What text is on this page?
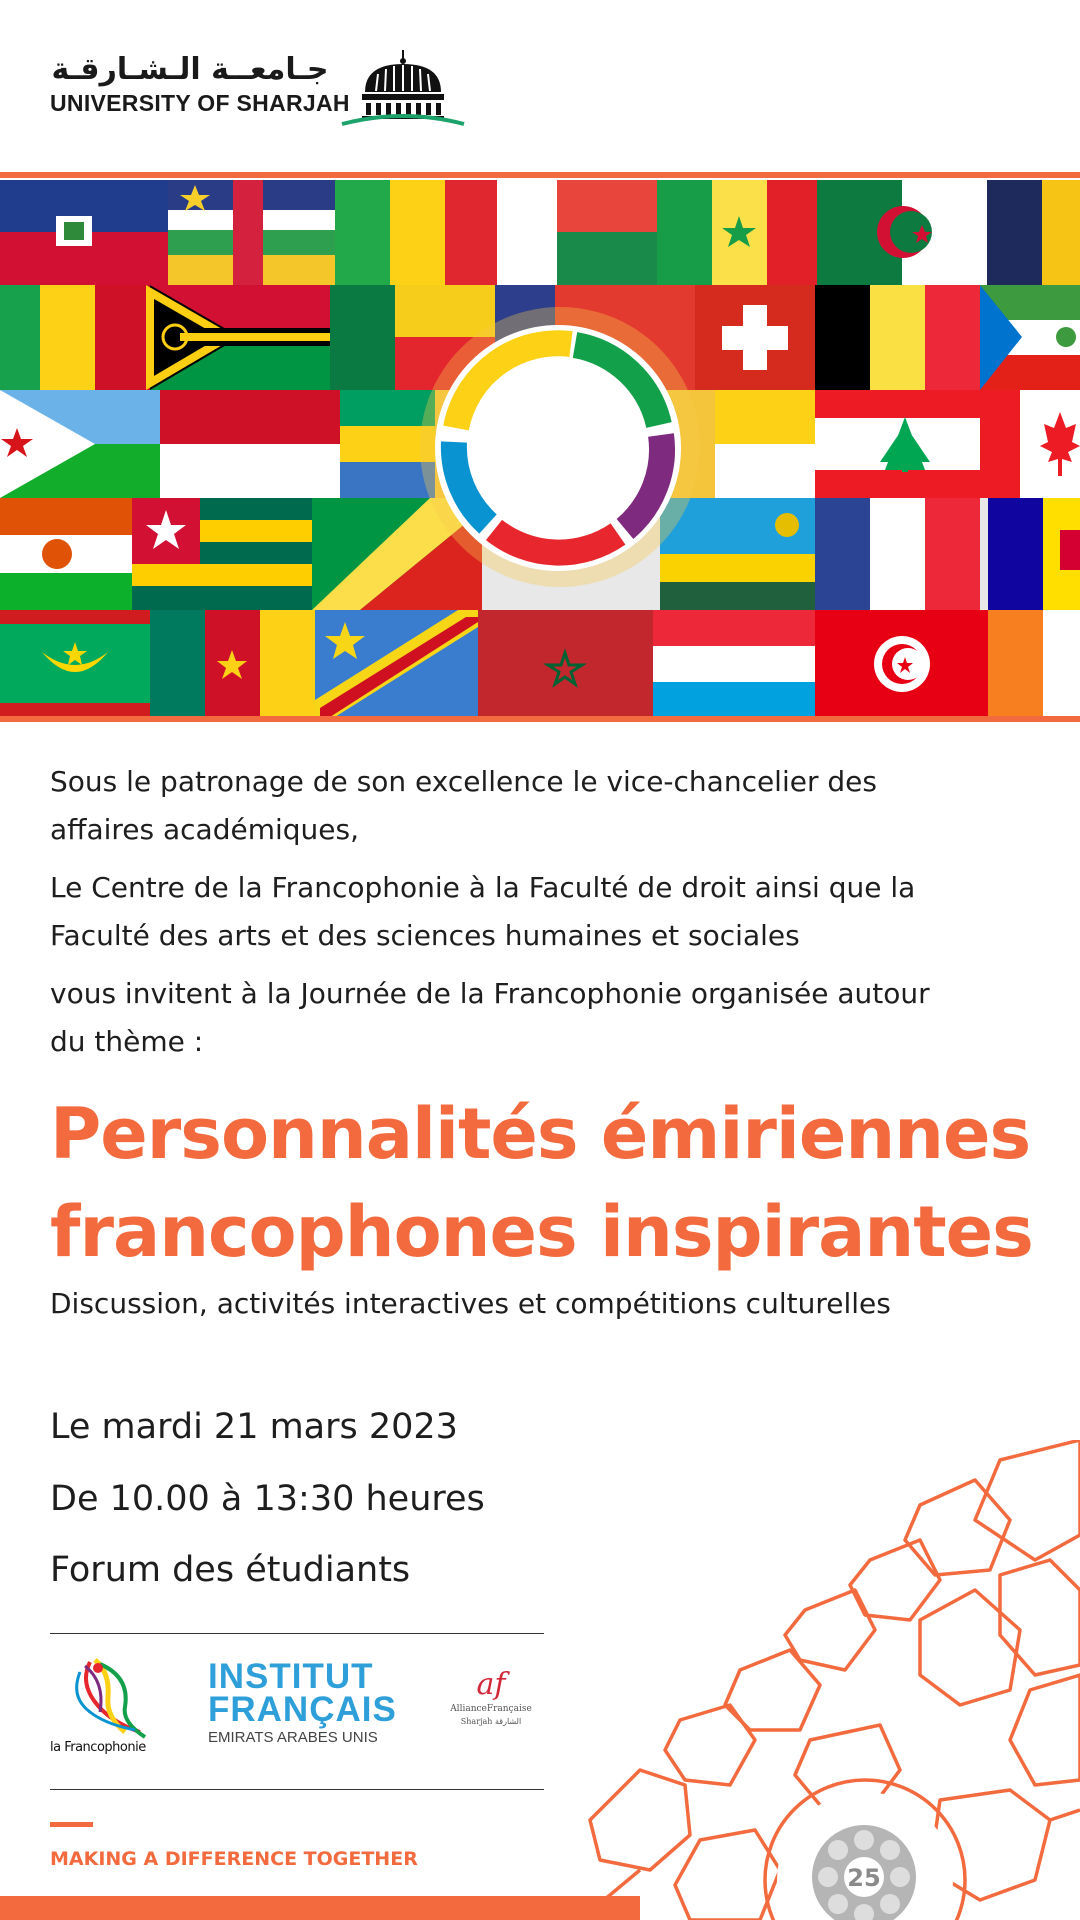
جـامعــة الـشـارقـة
UNIVERSITY OF SHARJAH
Sous le patronage de son excellence le vice-chancelier des
affaires académiques,
Le Centre de la Francophonie à la Faculté de droit ainsi que la
Faculté des arts et des sciences humaines et sociales
vous invitent à la Journée de la Francophonie organisée autour
du thème :
Personnalités émiriennes
francophones inspirantes
Discussion, activités interactives et compétitions culturelles
Le mardi 21 mars 2023
De 10.00 à 13:30 heures
Forum des étudiants
la Francophonie
INSTITUT
FRANÇAIS
EMIRATS ARABES UNIS
af
AllianceFrançaise
Sharjah الشارقة
MAKING A DIFFERENCE TOGETHER
25
